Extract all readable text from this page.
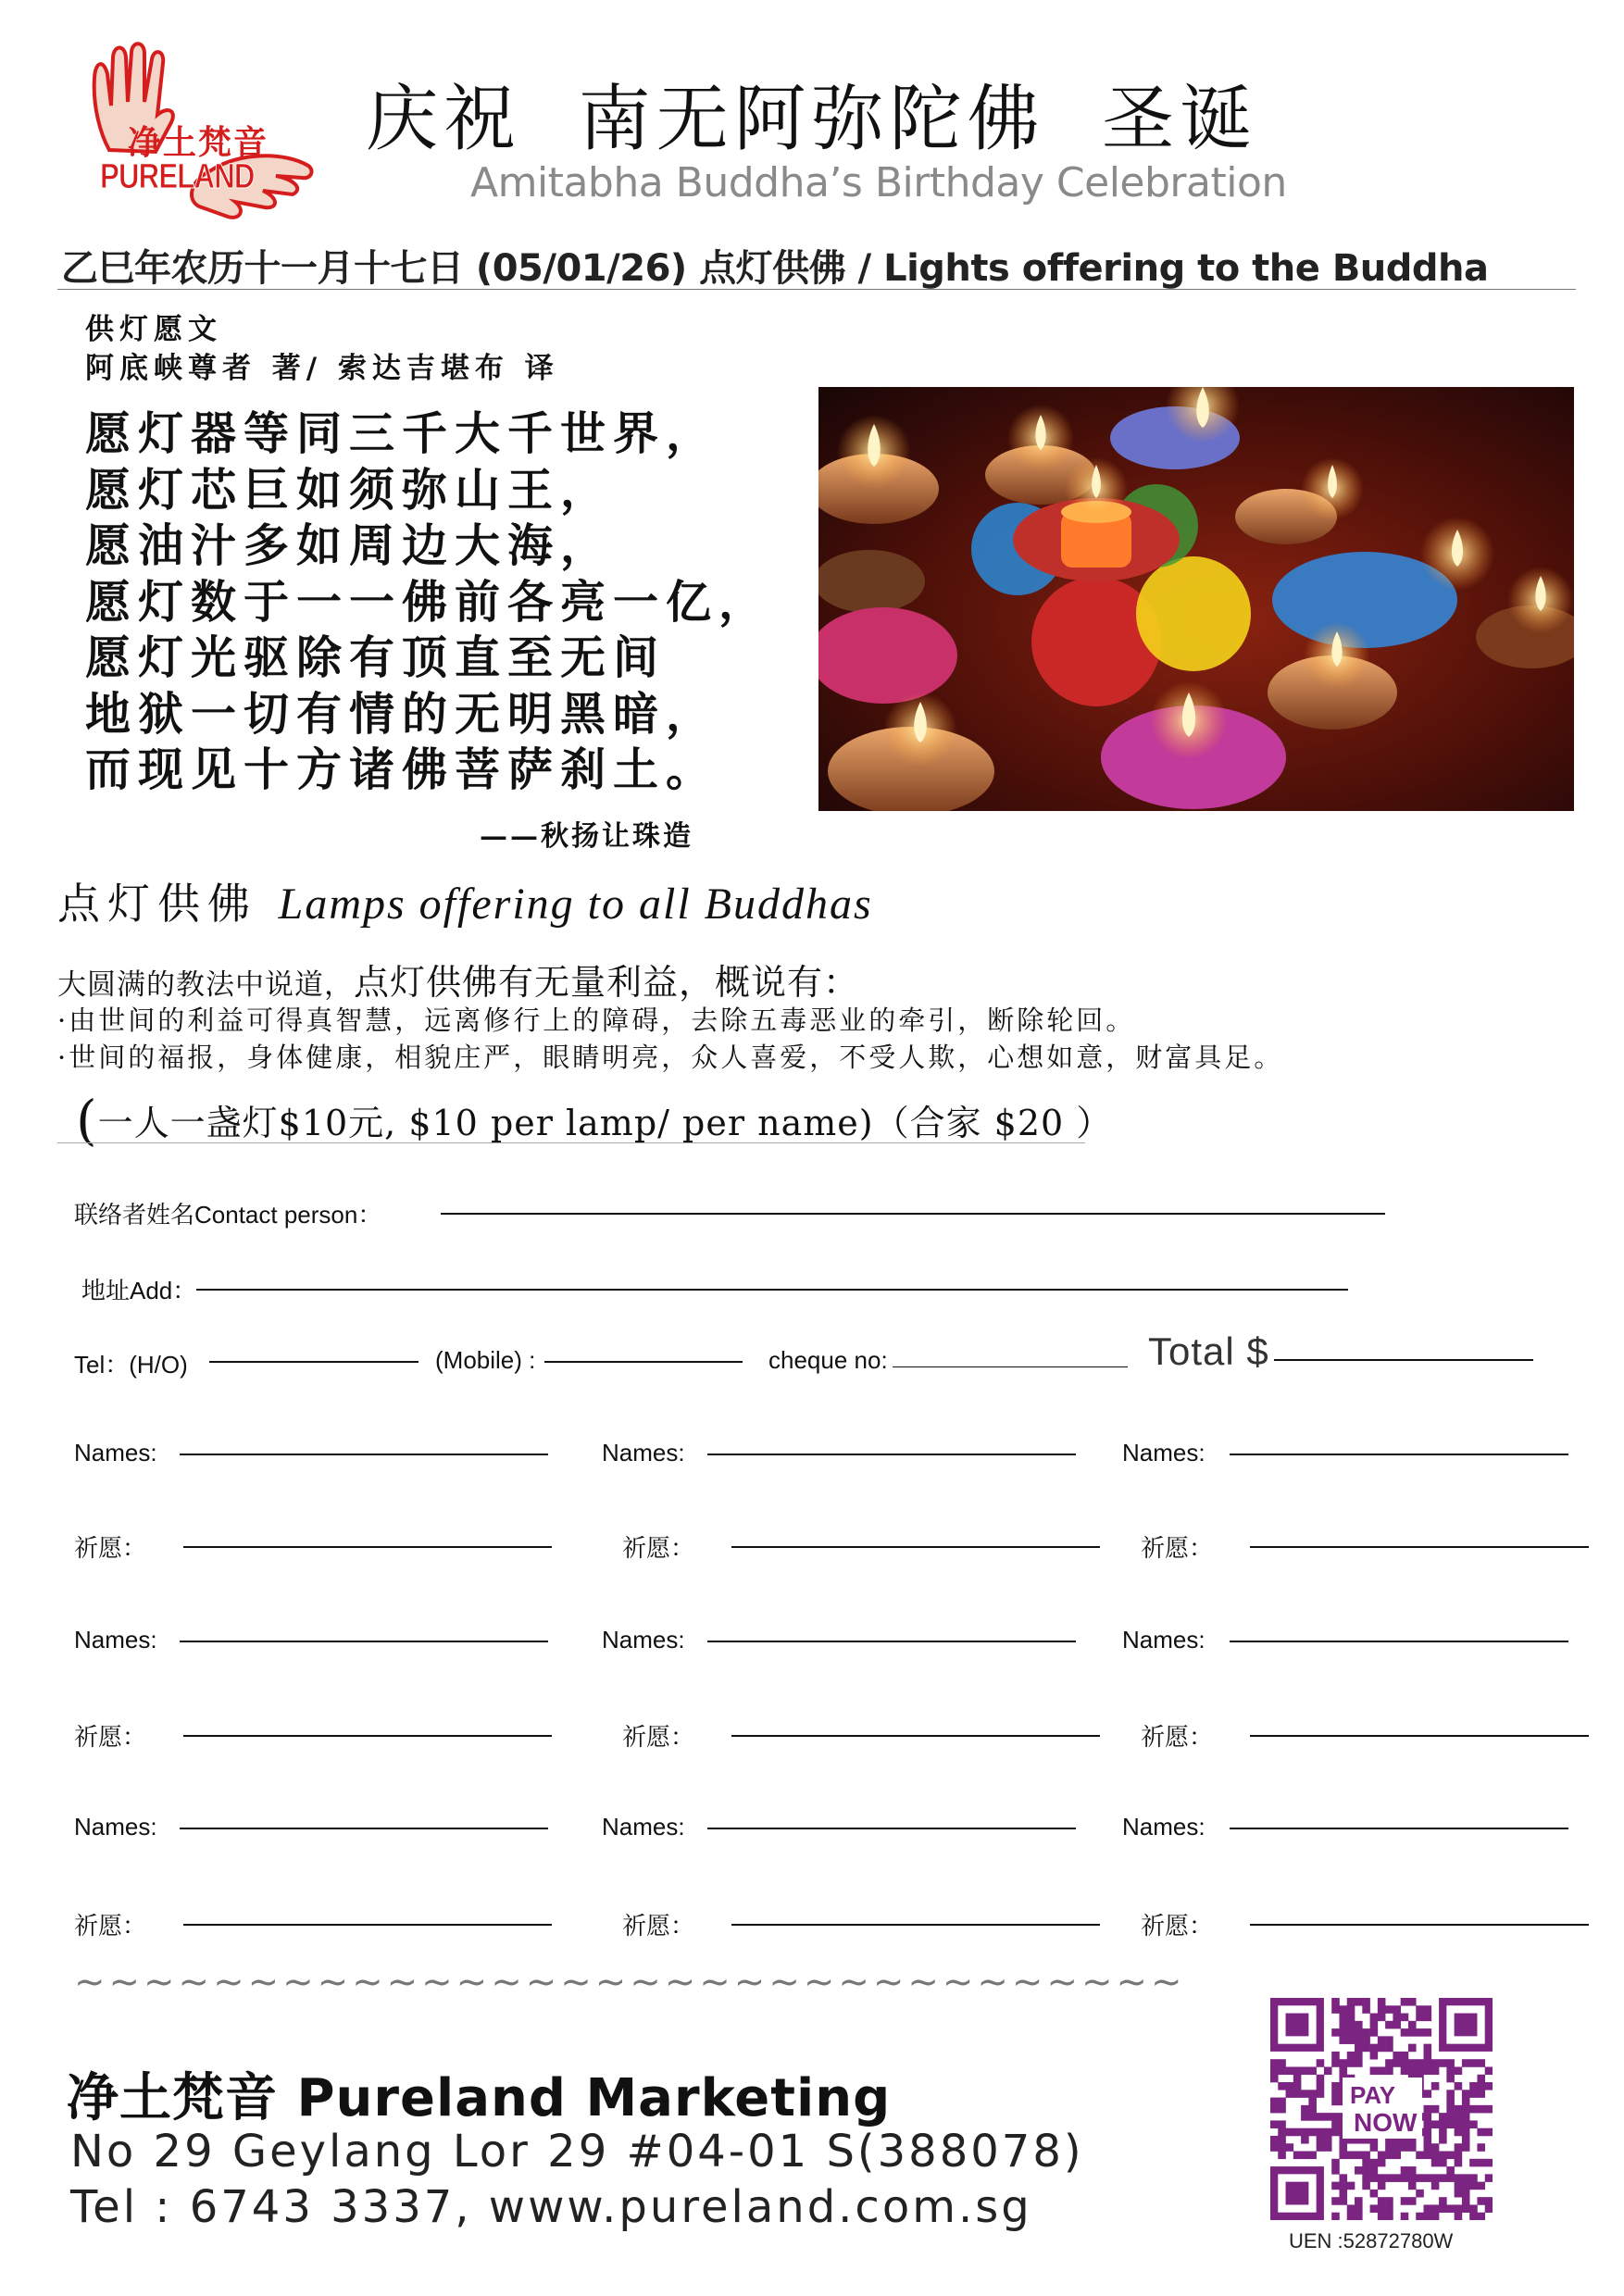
净土梵音
PURELAND
庆祝  南无阿弥陀佛  圣诞
Amitabha Buddha’s Birthday Celebration
乙巳年农历十一月十七日 (05/01/26) 点灯供佛 / Lights offering to the Buddha
供灯愿文
阿底峡尊者 著/ 索达吉堪布 译
愿灯器等同三千大千世界，
愿灯芯巨如须弥山王，
愿油汁多如周边大海，
愿灯数于一一佛前各亮一亿，
愿灯光驱除有顶直至无间
地狱一切有情的无明黑暗，
而现见十方诸佛菩萨刹土。
——秋扬让珠造
点灯供佛 Lamps offering to all Buddhas
大圆满的教法中说道，点灯供佛有无量利益，概说有：
·由世间的利益可得真智慧，远离修行上的障碍，去除五毒恶业的牵引，断除轮回。
·世间的福报，身体健康，相貌庄严，眼睛明亮，众人喜爱，不受人欺，心想如意，财富具足。
(一人一盏灯$10元, $10 per lamp/ per name)（合家 $20 ）
联络者姓名Contact person：
地址Add：
Tel：(H/O)	(Mobile) :	cheque no:	Total $
Names:	Names:	Names:
祈愿：	祈愿：	祈愿：
Names:	Names:	Names:
祈愿：	祈愿：	祈愿：
Names:	Names:	Names:
祈愿：	祈愿：	祈愿：
~~~~~~~~~~~~~~~~~~~~~~~~~~~~~~~~
净土梵音 Pureland Marketing
No 29 Geylang Lor 29 #04-01 S(388078)
Tel : 6743 3337, www.pureland.com.sg
PAY
NOW
UEN :52872780W
